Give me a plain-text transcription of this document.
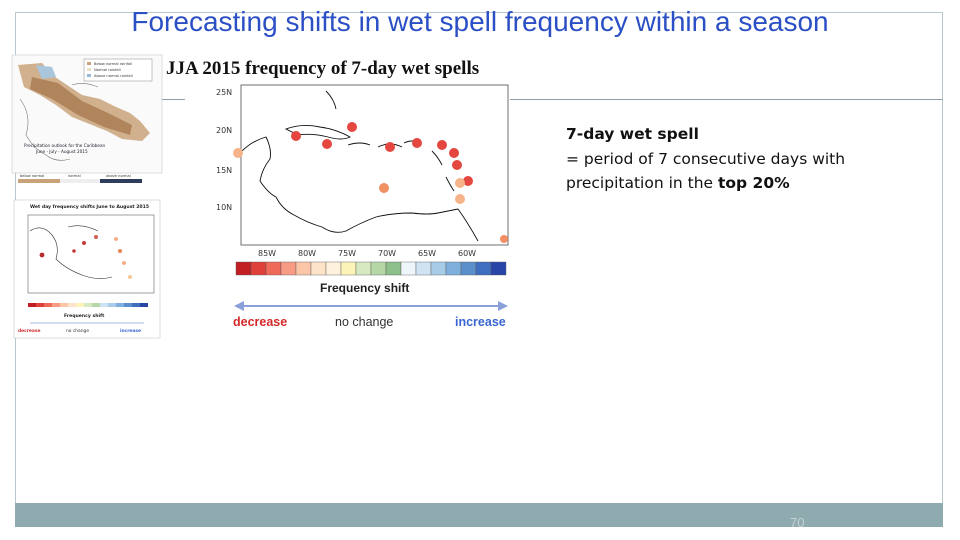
Forecasting shifts in wet spell frequency within a season
JJA 2015 frequency of 7-day wet spells
Below normal rainfall
Normal rainfall
Above normal rainfall
Precipitation outlook for the Caribbean
June - July - August 2015
below normal	normal	above normal
Wet day frequency shifts June to August 2015
Frequency shift
decrease	no change	increase
25N
20N
15N
10N
85W	80W	75W	70W	65W	60W
Frequency shift
decrease	no change	increase
7-day wet spell
= period of 7 consecutive days with
precipitation in the top 20%
70
